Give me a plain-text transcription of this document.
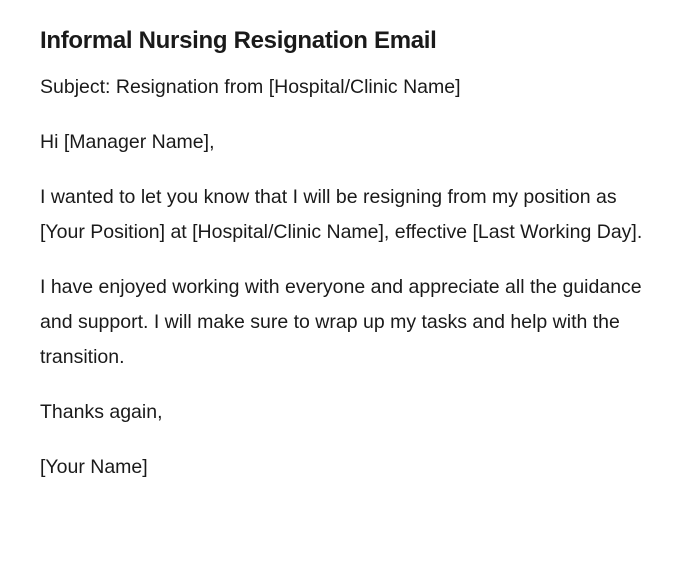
Informal Nursing Resignation Email

Subject: Resignation from [Hospital/Clinic Name]

Hi [Manager Name],

I wanted to let you know that I will be resigning from my position as [Your Position] at [Hospital/Clinic Name], effective [Last Working Day].

I have enjoyed working with everyone and appreciate all the guidance and support. I will make sure to wrap up my tasks and help with the transition.

Thanks again,

[Your Name]
